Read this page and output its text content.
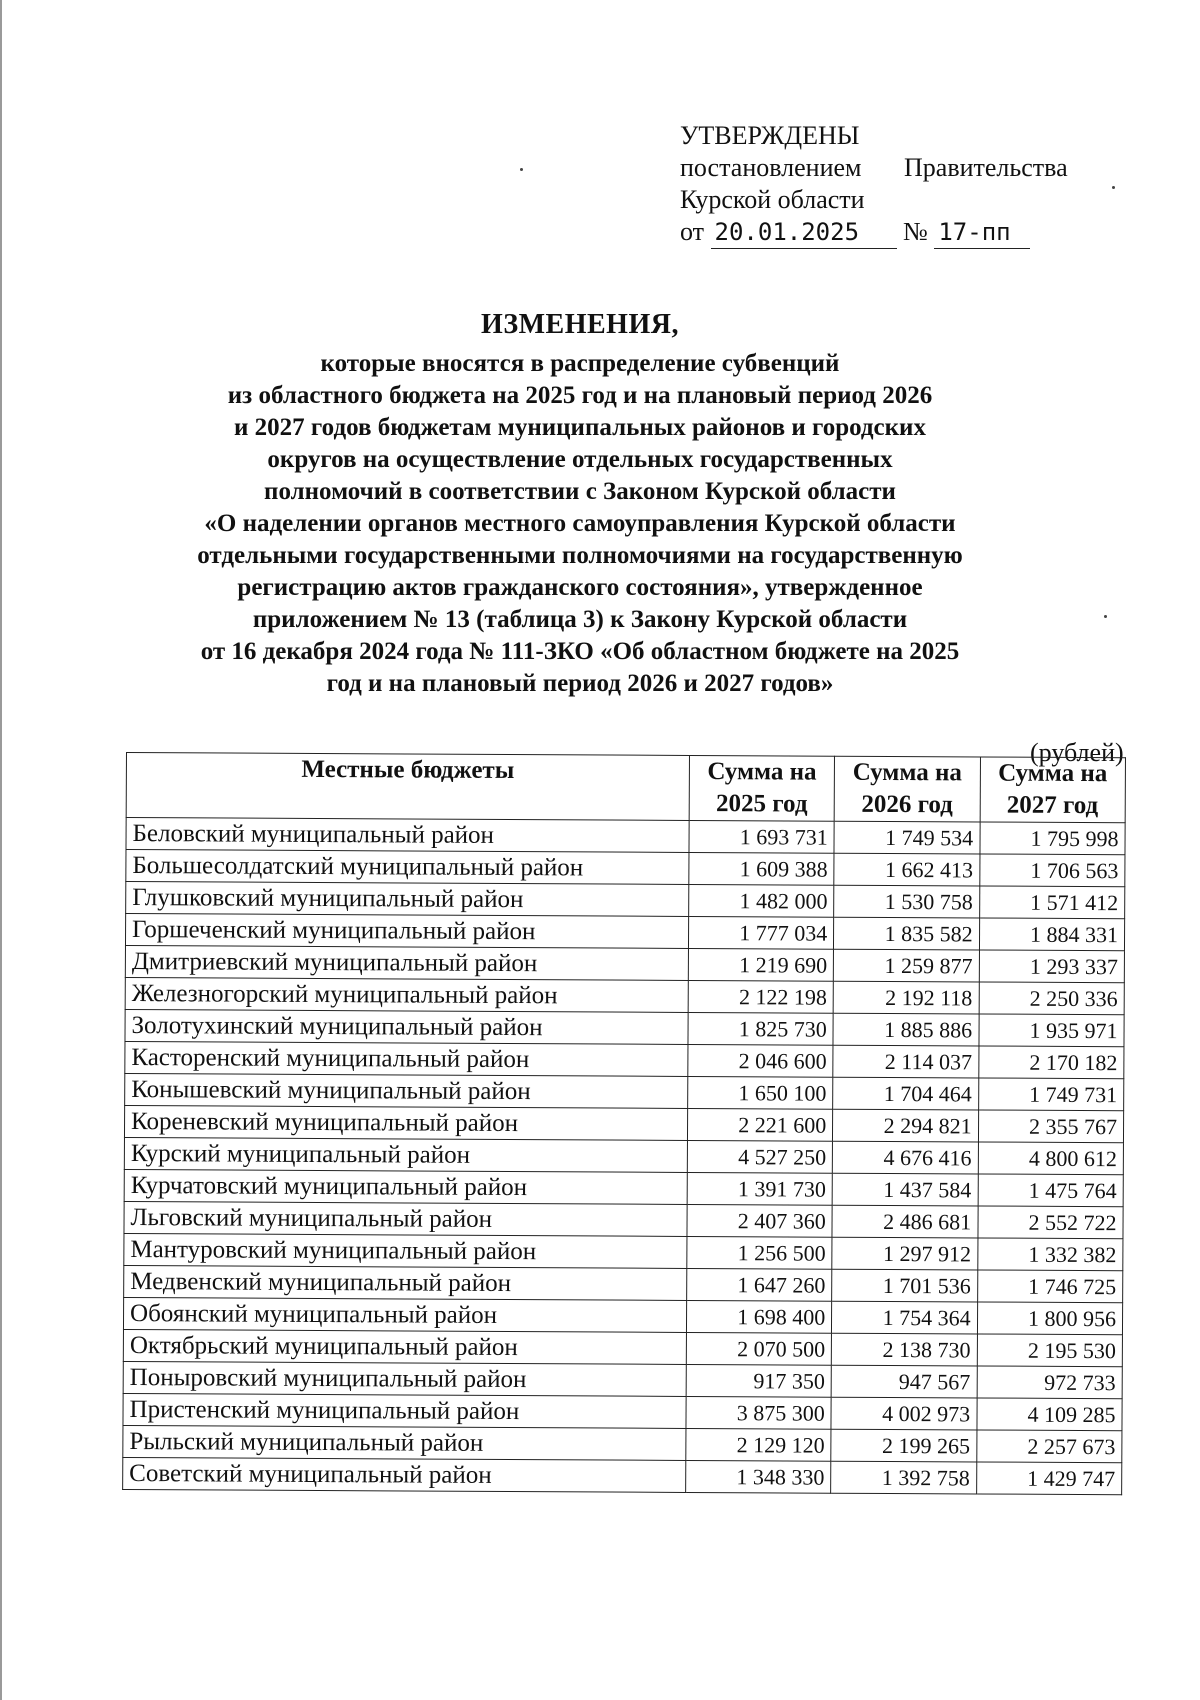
УТВЕРЖДЕНЫ
постановлением Правительства
Курской области
от 20.01.2025 № 17-пп
ИЗМЕНЕНИЯ,
которые вносятся в распределение субвенций
из областного бюджета на 2025 год и на плановый период 2026
и 2027 годов бюджетам муниципальных районов и городских
округов на осуществление отдельных государственных
полномочий в соответствии с Законом Курской области
«О наделении органов местного самоуправления Курской области
отдельными государственными полномочиями на государственную
регистрацию актов гражданского состояния», утвержденное
приложением № 13 (таблица 3) к Закону Курской области
от 16 декабря 2024 года № 111-ЗКО «Об областном бюджете на 2025
год и на плановый период 2026 и 2027 годов»
(рублей)
Местные бюджеты	Сумма на 2025 год	Сумма на 2026 год	Сумма на 2027 год
Беловский муниципальный район	1 693 731	1 749 534	1 795 998
Большесолдатский муниципальный район	1 609 388	1 662 413	1 706 563
Глушковский муниципальный район	1 482 000	1 530 758	1 571 412
Горшеченский муниципальный район	1 777 034	1 835 582	1 884 331
Дмитриевский муниципальный район	1 219 690	1 259 877	1 293 337
Железногорский муниципальный район	2 122 198	2 192 118	2 250 336
Золотухинский муниципальный район	1 825 730	1 885 886	1 935 971
Касторенский муниципальный район	2 046 600	2 114 037	2 170 182
Конышевский муниципальный район	1 650 100	1 704 464	1 749 731
Кореневский муниципальный район	2 221 600	2 294 821	2 355 767
Курский муниципальный район	4 527 250	4 676 416	4 800 612
Курчатовский муниципальный район	1 391 730	1 437 584	1 475 764
Льговский муниципальный район	2 407 360	2 486 681	2 552 722
Мантуровский муниципальный район	1 256 500	1 297 912	1 332 382
Медвенский муниципальный район	1 647 260	1 701 536	1 746 725
Обоянский муниципальный район	1 698 400	1 754 364	1 800 956
Октябрьский муниципальный район	2 070 500	2 138 730	2 195 530
Поныровский муниципальный район	917 350	947 567	972 733
Пристенский муниципальный район	3 875 300	4 002 973	4 109 285
Рыльский муниципальный район	2 129 120	2 199 265	2 257 673
Советский муниципальный район	1 348 330	1 392 758	1 429 747
